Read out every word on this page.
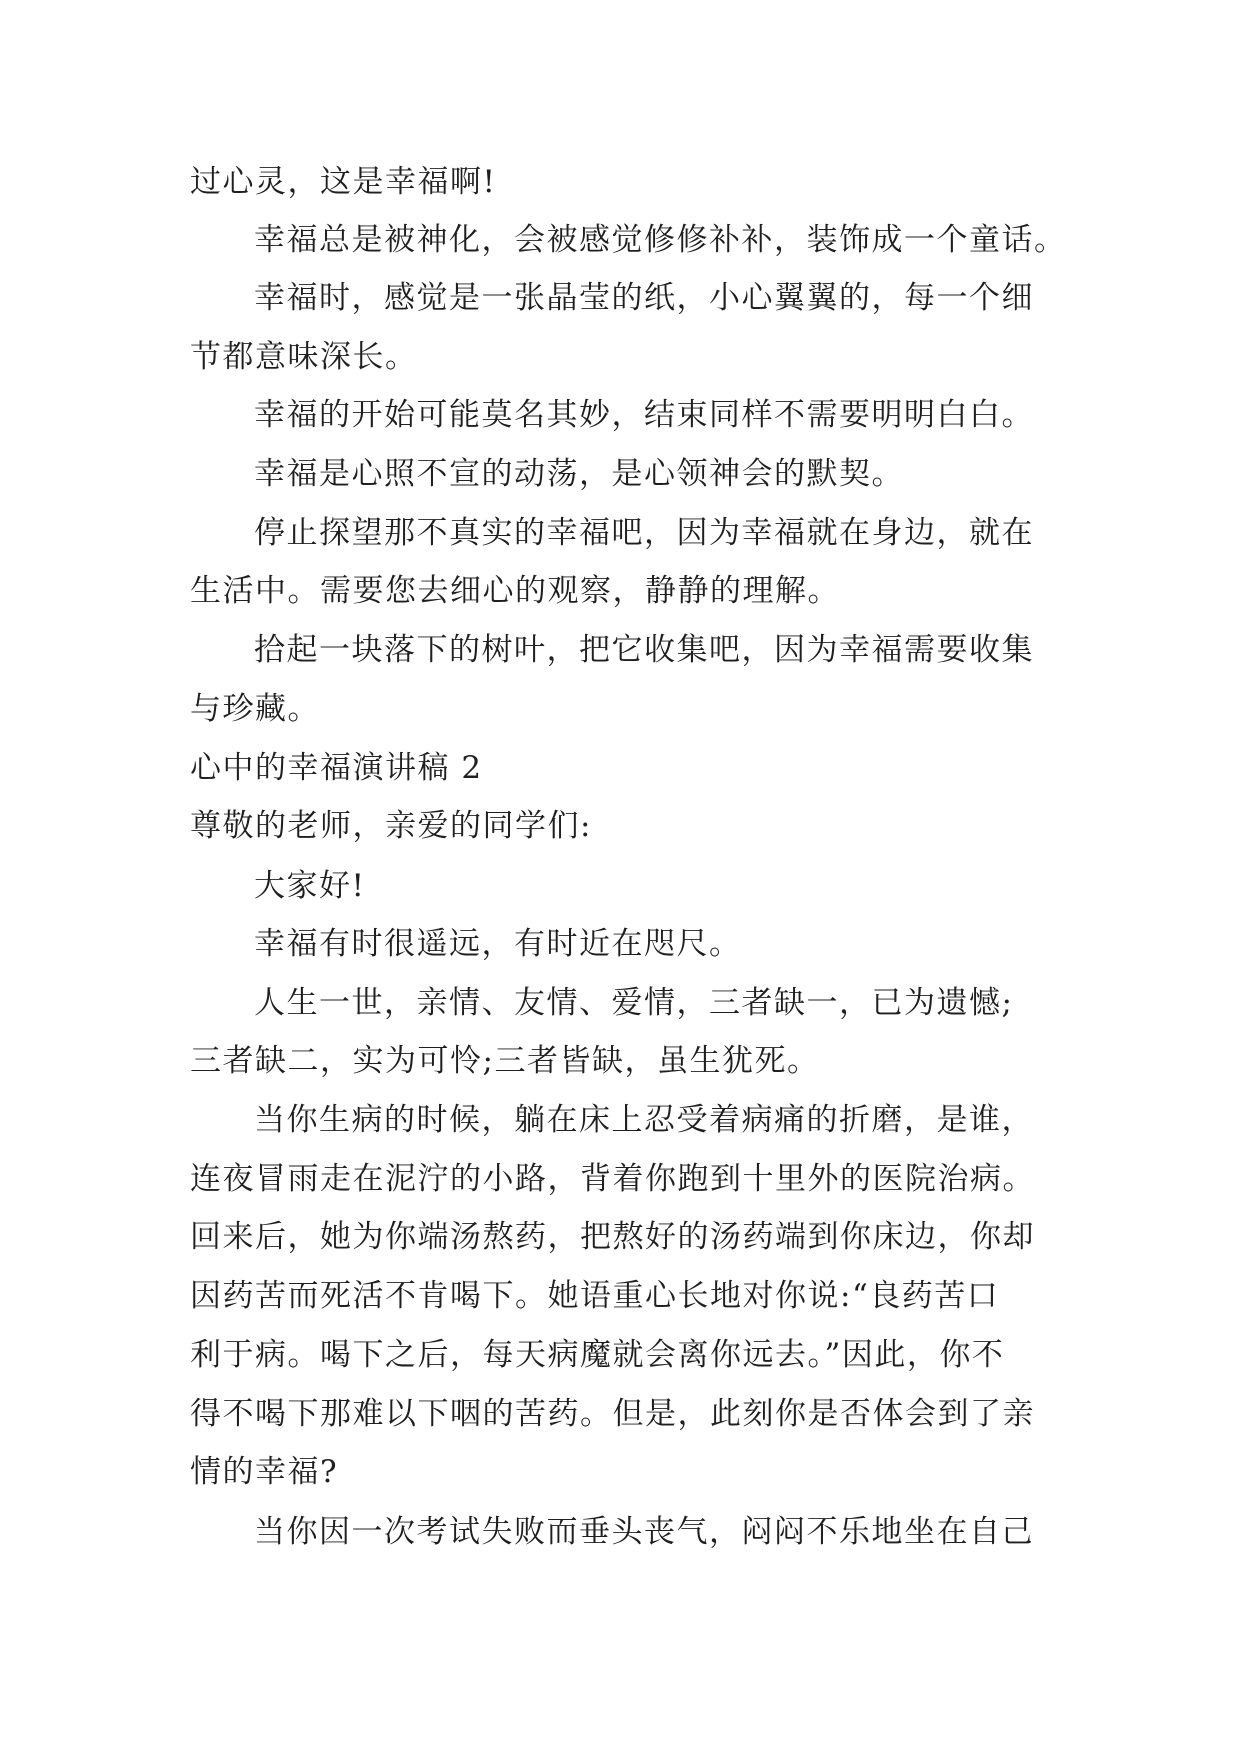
过心灵，这是幸福啊!

幸福总是被神化，会被感觉修修补补，装饰成一个童话。

幸福时，感觉是一张晶莹的纸，小心翼翼的，每一个细

节都意味深长。

幸福的开始可能莫名其妙，结束同样不需要明明白白。

幸福是心照不宣的动荡，是心领神会的默契。

停止探望那不真实的幸福吧，因为幸福就在身边，就在

生活中。需要您去细心的观察，静静的理解。

拾起一块落下的树叶，把它收集吧，因为幸福需要收集

与珍藏。

心中的幸福演讲稿 2

尊敬的老师，亲爱的同学们:

大家好!

幸福有时很遥远，有时近在咫尺。

人生一世，亲情、友情、爱情，三者缺一，已为遗憾;

三者缺二，实为可怜;三者皆缺，虽生犹死。

当你生病的时候，躺在床上忍受着病痛的折磨，是谁，

连夜冒雨走在泥泞的小路，背着你跑到十里外的医院治病。

回来后，她为你端汤熬药，把熬好的汤药端到你床边，你却

因药苦而死活不肯喝下。她语重心长地对你说:“良药苦口

利于病。喝下之后，每天病魔就会离你远去。”因此，你不

得不喝下那难以下咽的苦药。但是，此刻你是否体会到了亲

情的幸福?

当你因一次考试失败而垂头丧气，闷闷不乐地坐在自己
